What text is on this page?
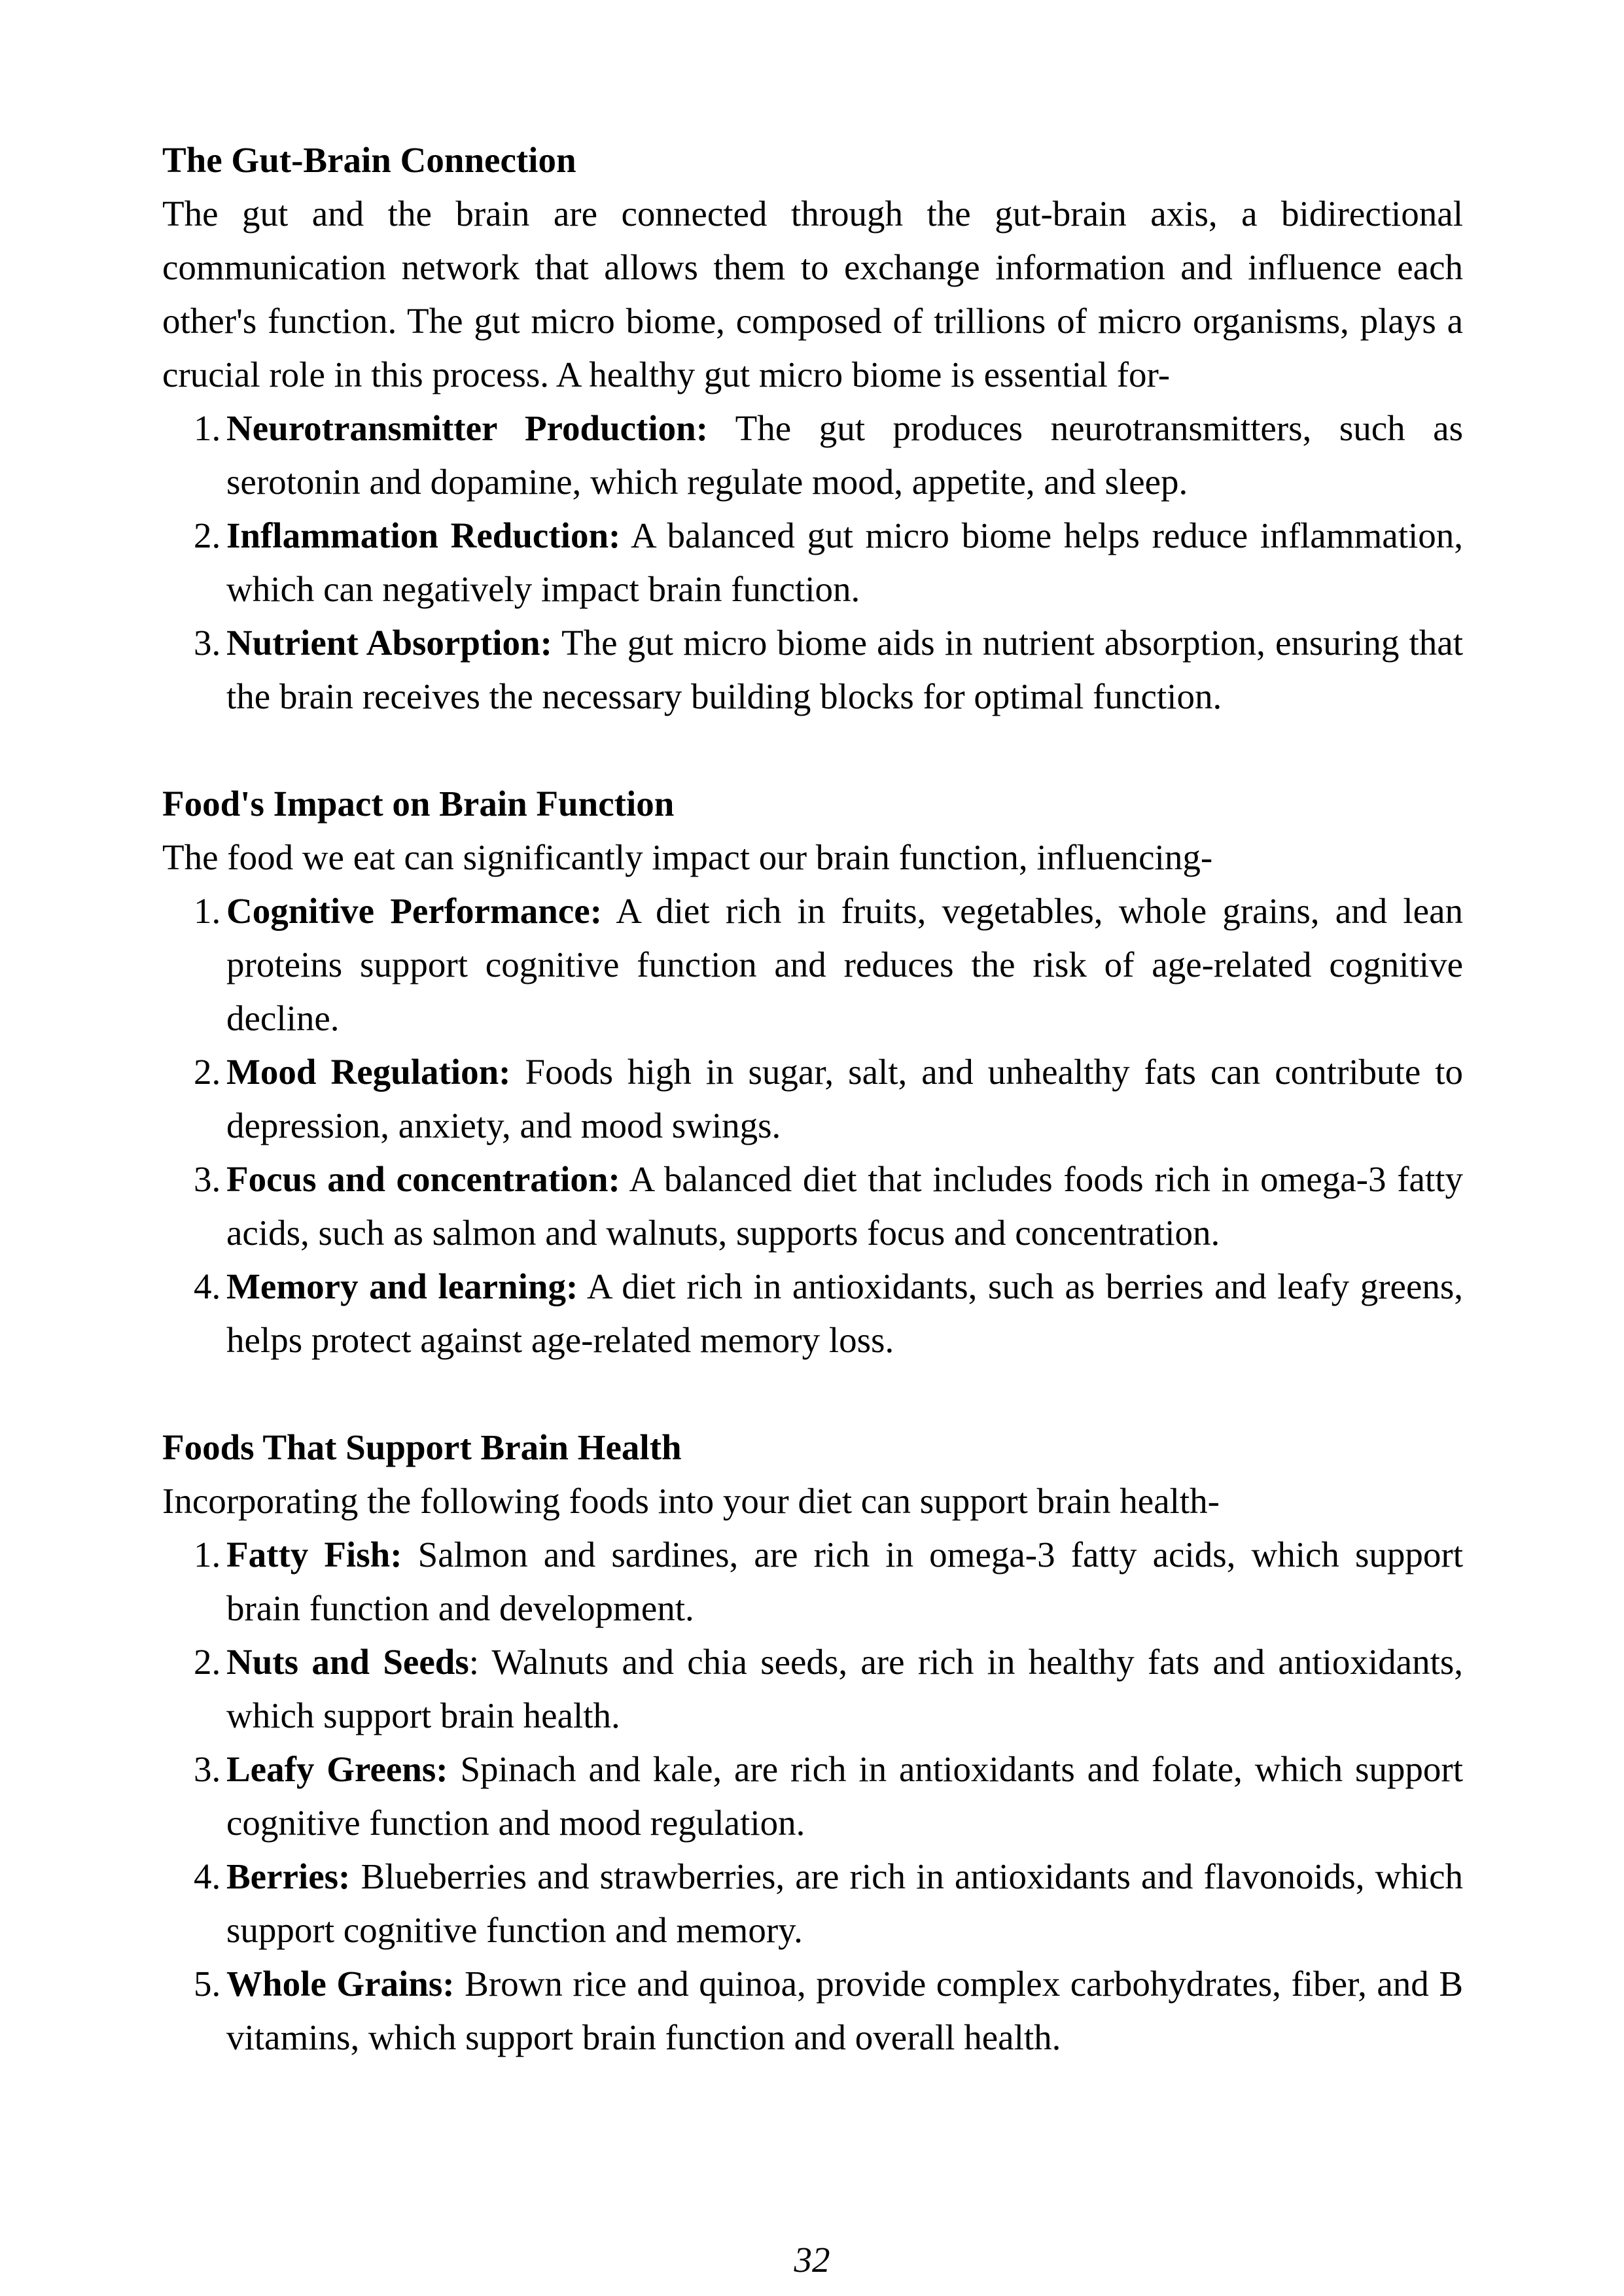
The Gut-Brain Connection

The gut and the brain are connected through the gut-brain axis, a bidirectional communication network that allows them to exchange information and influence each other's function. The gut micro biome, composed of trillions of micro organisms, plays a crucial role in this process. A healthy gut micro biome is essential for-

1. Neurotransmitter Production: The gut produces neurotransmitters, such as serotonin and dopamine, which regulate mood, appetite, and sleep.
2. Inflammation Reduction: A balanced gut micro biome helps reduce inflammation, which can negatively impact brain function.
3. Nutrient Absorption: The gut micro biome aids in nutrient absorption, ensuring that the brain receives the necessary building blocks for optimal function.

Food's Impact on Brain Function

The food we eat can significantly impact our brain function, influencing-

1. Cognitive Performance: A diet rich in fruits, vegetables, whole grains, and lean proteins support cognitive function and reduces the risk of age-related cognitive decline.
2. Mood Regulation: Foods high in sugar, salt, and unhealthy fats can contribute to depression, anxiety, and mood swings.
3. Focus and concentration: A balanced diet that includes foods rich in omega-3 fatty acids, such as salmon and walnuts, supports focus and concentration.
4. Memory and learning: A diet rich in antioxidants, such as berries and leafy greens, helps protect against age-related memory loss.

Foods That Support Brain Health

Incorporating the following foods into your diet can support brain health-

1. Fatty Fish: Salmon and sardines, are rich in omega-3 fatty acids, which support brain function and development.
2. Nuts and Seeds: Walnuts and chia seeds, are rich in healthy fats and antioxidants, which support brain health.
3. Leafy Greens: Spinach and kale, are rich in antioxidants and folate, which support cognitive function and mood regulation.
4. Berries: Blueberries and strawberries, are rich in antioxidants and flavonoids, which support cognitive function and memory.
5. Whole Grains: Brown rice and quinoa, provide complex carbohydrates, fiber, and B vitamins, which support brain function and overall health.
32
